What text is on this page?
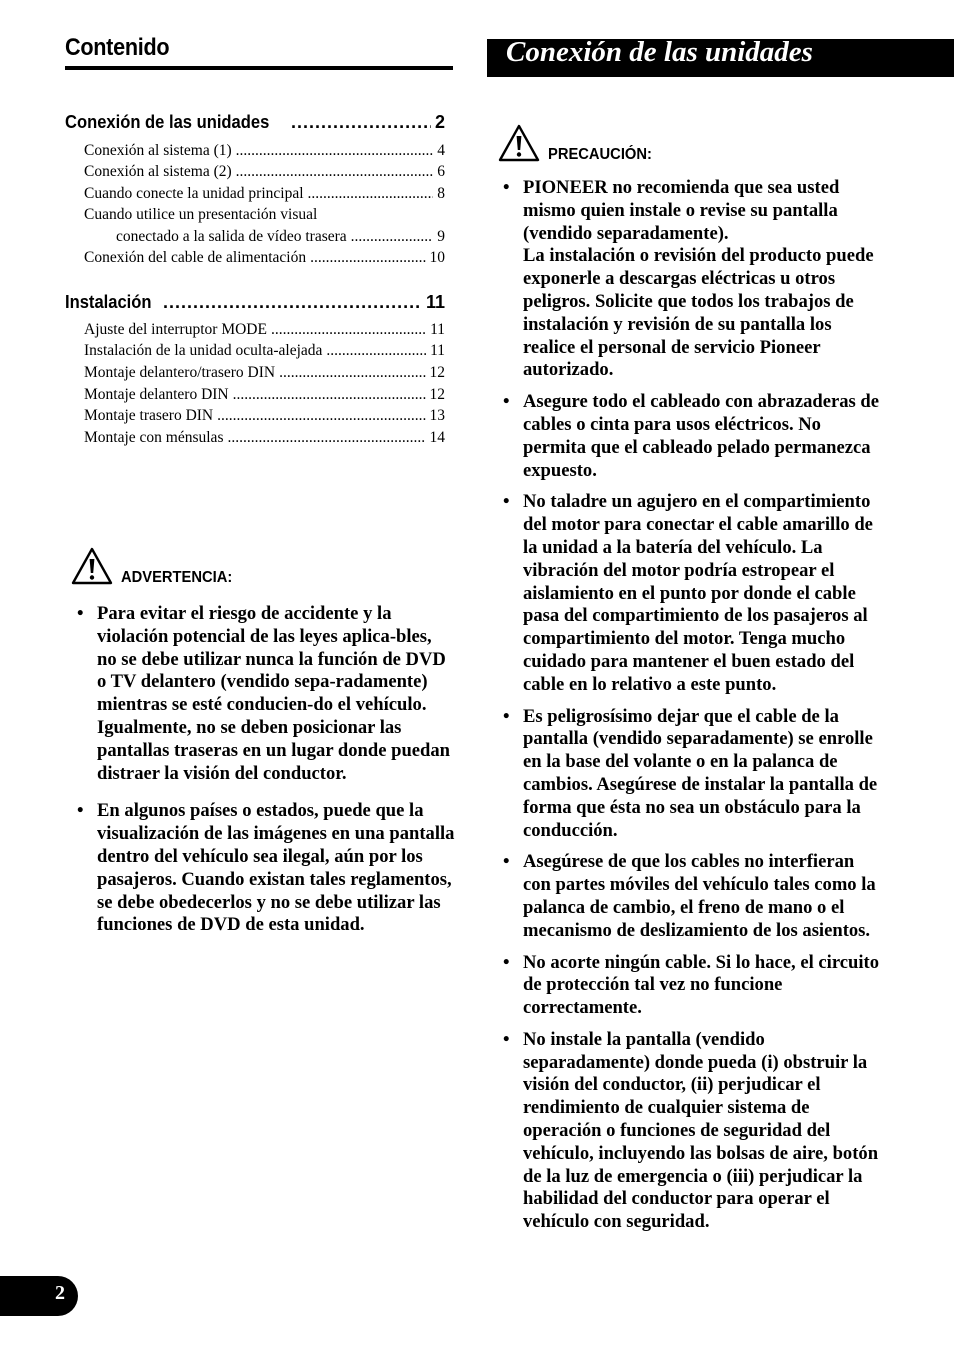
Contenido	Conexión de las unidades
Conexión de las unidades .....	2
Conexión al sistema (1) .....	4
Conexión al sistema (2) .....	6
Cuando conecte la unidad principal .....	8
Cuando utilice un presentación visual
conectado a la salida de vídeo trasera .....	9
Conexión del cable de alimentación .....	10
Instalación .....	11
Ajuste del interruptor MODE .....	11
Instalación de la unidad oculta-alejada .....	11
Montaje delantero/trasero DIN .....	12
Montaje delantero DIN .....	12
Montaje trasero DIN .....	13
Montaje con ménsulas .....	14
ADVERTENCIA:
• Para evitar el riesgo de accidente y la violación potencial de las leyes aplica-bles, no se debe utilizar nunca la función de DVD o TV delantero (vendido sepa-radamente) mientras se esté conducien-do el vehículo. Igualmente, no se deben posicionar las pantallas traseras en un lugar donde puedan distraer la visión del conductor.

• En algunos países o estados, puede que la visualización de las imágenes en una pantalla dentro del vehículo sea ilegal, aún por los pasajeros. Cuando existan tales reglamentos, se debe obedecerlos y no se debe utilizar las funciones de DVD de esta unidad.

PRECAUCIÓN:
• PIONEER no recomienda que sea usted mismo quien instale o revise su pantalla (vendido separadamente).

La instalación o revisión del producto puede exponerle a descargas eléctricas u otros peligros. Solicite que todos los trabajos de instalación y revisión de su pantalla los realice el personal de servicio Pioneer autorizado.

• Asegure todo el cableado con abrazaderas de cables o cinta para usos eléctricos. No permita que el cableado pelado permanezca expuesto.

• No taladre un agujero en el compartimiento del motor para conectar el cable amarillo de la unidad a la batería del vehículo. La vibración del motor podría estropear el aislamiento en el punto por donde el cable pasa del compartimiento de los pasajeros al compartimiento del motor. Tenga mucho cuidado para mantener el buen estado del cable en lo relativo a este punto.

• Es peligrosísimo dejar que el cable de la pantalla (vendido separadamente) se enrolle en la base del volante o en la palanca de cambios. Asegúrese de instalar la pantalla de forma que ésta no sea un obstáculo para la conducción.

• Asegúrese de que los cables no interfieran con partes móviles del vehículo tales como la palanca de cambio, el freno de mano o el mecanismo de deslizamiento de los asientos.

• No acorte ningún cable. Si lo hace, el circuito de protección tal vez no funcione correctamente.

• No instale la pantalla (vendido separadamente) donde pueda (i) obstruir la visión del conductor, (ii) perjudicar el rendimiento de cualquier sistema de operación o funciones de seguridad del vehículo, incluyendo las bolsas de aire, botón de la luz de emergencia o (iii) perjudicar la habilidad del conductor para operar el vehículo con seguridad.

2
